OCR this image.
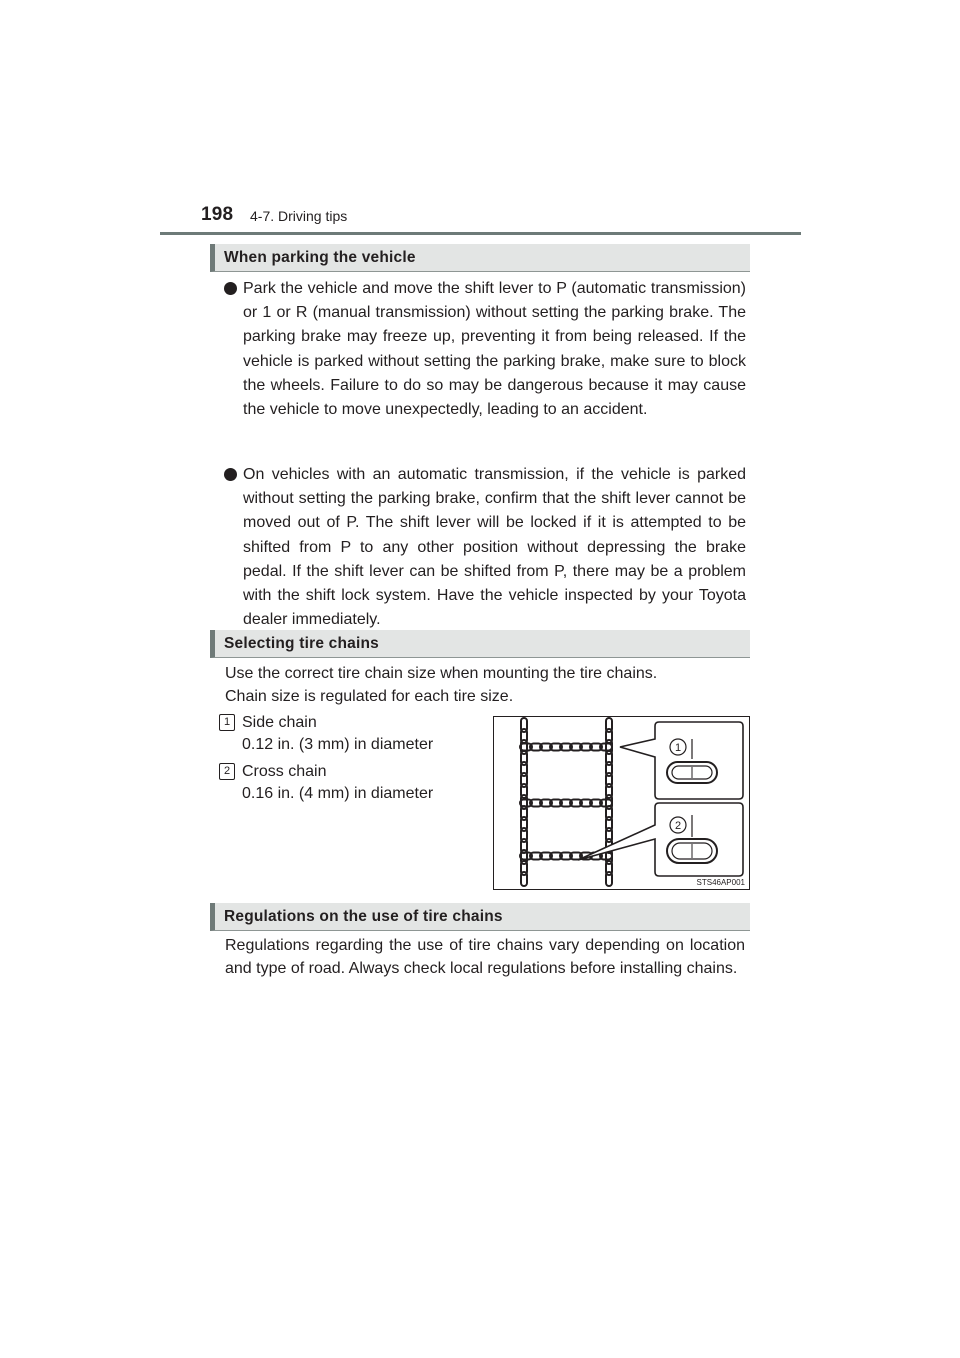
198 4-7. Driving tips
When parking the vehicle
Park the vehicle and move the shift lever to P (automatic transmission) or 1 or R (manual transmission) without setting the parking brake. The parking brake may freeze up, preventing it from being released. If the vehicle is parked without setting the parking brake, make sure to block the wheels. Failure to do so may be dangerous because it may cause the vehicle to move unexpectedly, leading to an accident.
On vehicles with an automatic transmission, if the vehicle is parked without setting the parking brake, confirm that the shift lever cannot be moved out of P. The shift lever will be locked if it is attempted to be shifted from P to any other position without depressing the brake pedal. If the shift lever can be shifted from P, there may be a problem with the shift lock system. Have the vehicle inspected by your Toyota dealer immediately.
Selecting tire chains
Use the correct tire chain size when mounting the tire chains.
Chain size is regulated for each tire size.
1 Side chain
0.12 in. (3 mm) in diameter
2 Cross chain
0.16 in. (4 mm) in diameter
1
2
STS46AP001
Regulations on the use of tire chains
Regulations regarding the use of tire chains vary depending on location and type of road. Always check local regulations before installing chains.
